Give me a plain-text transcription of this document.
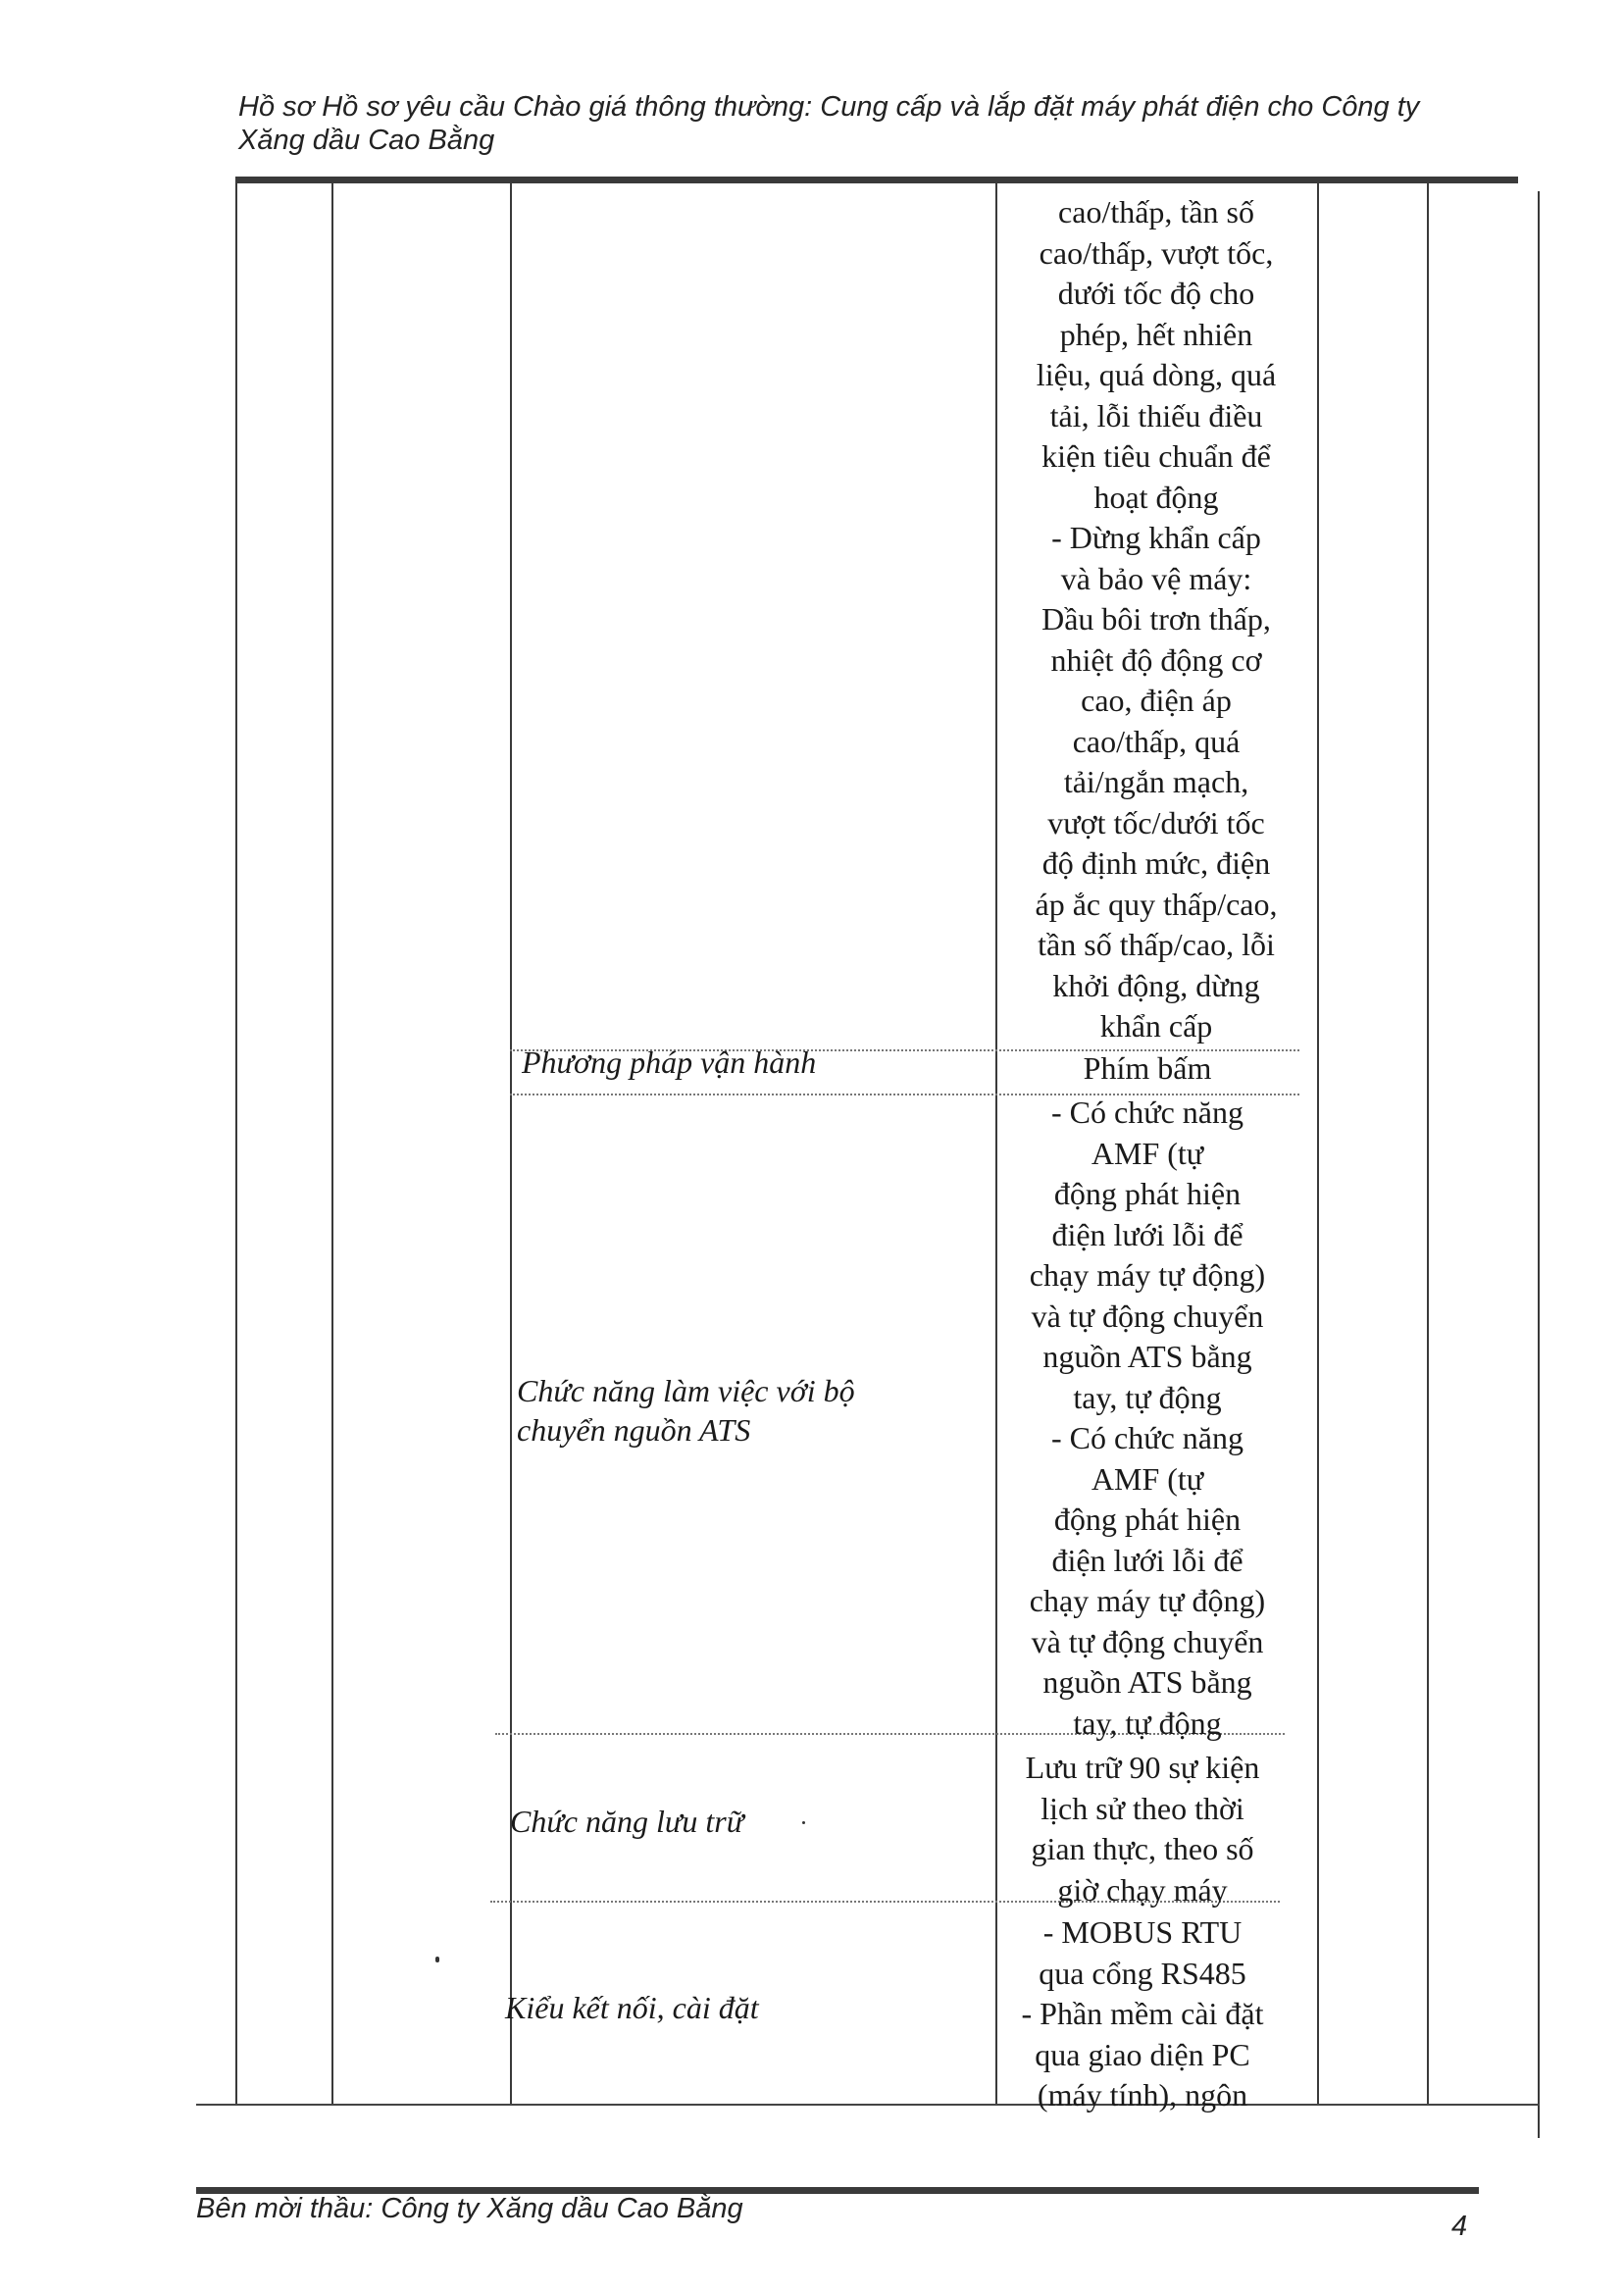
Hồ sơ Hồ sơ yêu cầu Chào giá thông thường: Cung cấp và lắp đặt máy phát điện cho Công ty
Xăng dầu Cao Bằng
cao/thấp, tần số
cao/thấp, vượt tốc,
dưới tốc độ cho
phép, hết nhiên
liệu, quá dòng, quá
tải, lỗi thiếu điều
kiện tiêu chuẩn để
hoạt động
- Dừng khẩn cấp
và bảo vệ máy:
Dầu bôi trơn thấp,
nhiệt độ động cơ
cao, điện áp
cao/thấp, quá
tải/ngắn mạch,
vượt tốc/dưới tốc
độ định mức, điện
áp ắc quy thấp/cao,
tần số thấp/cao, lỗi
khởi động, dừng
khẩn cấp
Phương pháp vận hành	Phím bấm
Chức năng làm việc với bộ
chuyển nguồn ATS
- Có chức năng
AMF (tự
động phát hiện
điện lưới lỗi để
chạy máy tự động)
và tự động chuyển
nguồn ATS bằng
tay, tự động
- Có chức năng
AMF (tự
động phát hiện
điện lưới lỗi để
chạy máy tự động)
và tự động chuyển
nguồn ATS bằng
tay, tự động
Chức năng lưu trữ
Lưu trữ 90 sự kiện
lịch sử theo thời
gian thực, theo số
giờ chạy máy
Kiểu kết nối, cài đặt
- MOBUS RTU
qua cổng RS485
- Phần mềm cài đặt
qua giao diện PC
(máy tính), ngôn
Bên mời thầu: Công ty Xăng dầu Cao Bằng
4
